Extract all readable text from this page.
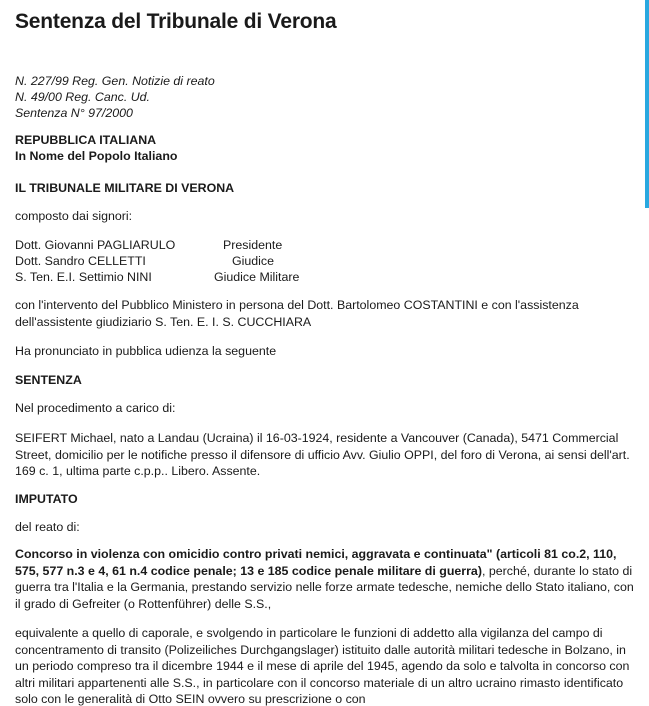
Sentenza del Tribunale di Verona

N. 227/99 Reg. Gen. Notizie di reato

N. 49/00 Reg. Canc. Ud.

Sentenza N° 97/2000

REPUBBLICA ITALIANA

In Nome del Popolo Italiano

IL TRIBUNALE MILITARE DI VERONA

composto dai signori:

Dott. Giovanni PAGLIARULO	Presidente

Dott. Sandro CELLETTI	Giudice

S. Ten. E.I. Settimio NINI	Giudice Militare

con l'intervento del Pubblico Ministero in persona del Dott. Bartolomeo COSTANTINI e con l'assistenza dell'assistente giudiziario S. Ten. E. I. S. CUCCHIARA

Ha pronunciato in pubblica udienza la seguente

SENTENZA

Nel procedimento a carico di:

SEIFERT Michael, nato a Landau (Ucraina) il 16-03-1924, residente a Vancouver (Canada), 5471 Commercial Street, domicilio per le notifiche presso il difensore di ufficio Avv. Giulio OPPI, del foro di Verona, ai sensi dell'art. 169 c. 1, ultima parte c.p.p.. Libero. Assente.

IMPUTATO

del reato di:

Concorso in violenza con omicidio contro privati nemici, aggravata e continuata" (articoli 81 co.2, 110, 575, 577 n.3 e 4, 61 n.4 codice penale; 13 e 185 codice penale militare di guerra), perché, durante lo stato di guerra tra l'Italia e la Germania, prestando servizio nelle forze armate tedesche, nemiche dello Stato italiano, con il grado di Gefreiter (o Rottenführer) delle S.S.,

equivalente a quello di caporale, e svolgendo in particolare le funzioni di addetto alla vigilanza del campo di concentramento di transito (Polizeiliches Durchgangslager) istituito dalle autorità militari tedesche in Bolzano, in un periodo compreso tra il dicembre 1944 e il mese di aprile del 1945, agendo da solo e talvolta in concorso con altri militari appartenenti alle S.S., in particolare con il concorso materiale di un altro ucraino rimasto identificato solo con le generalità di Otto SEIN ovvero su prescrizione o con
